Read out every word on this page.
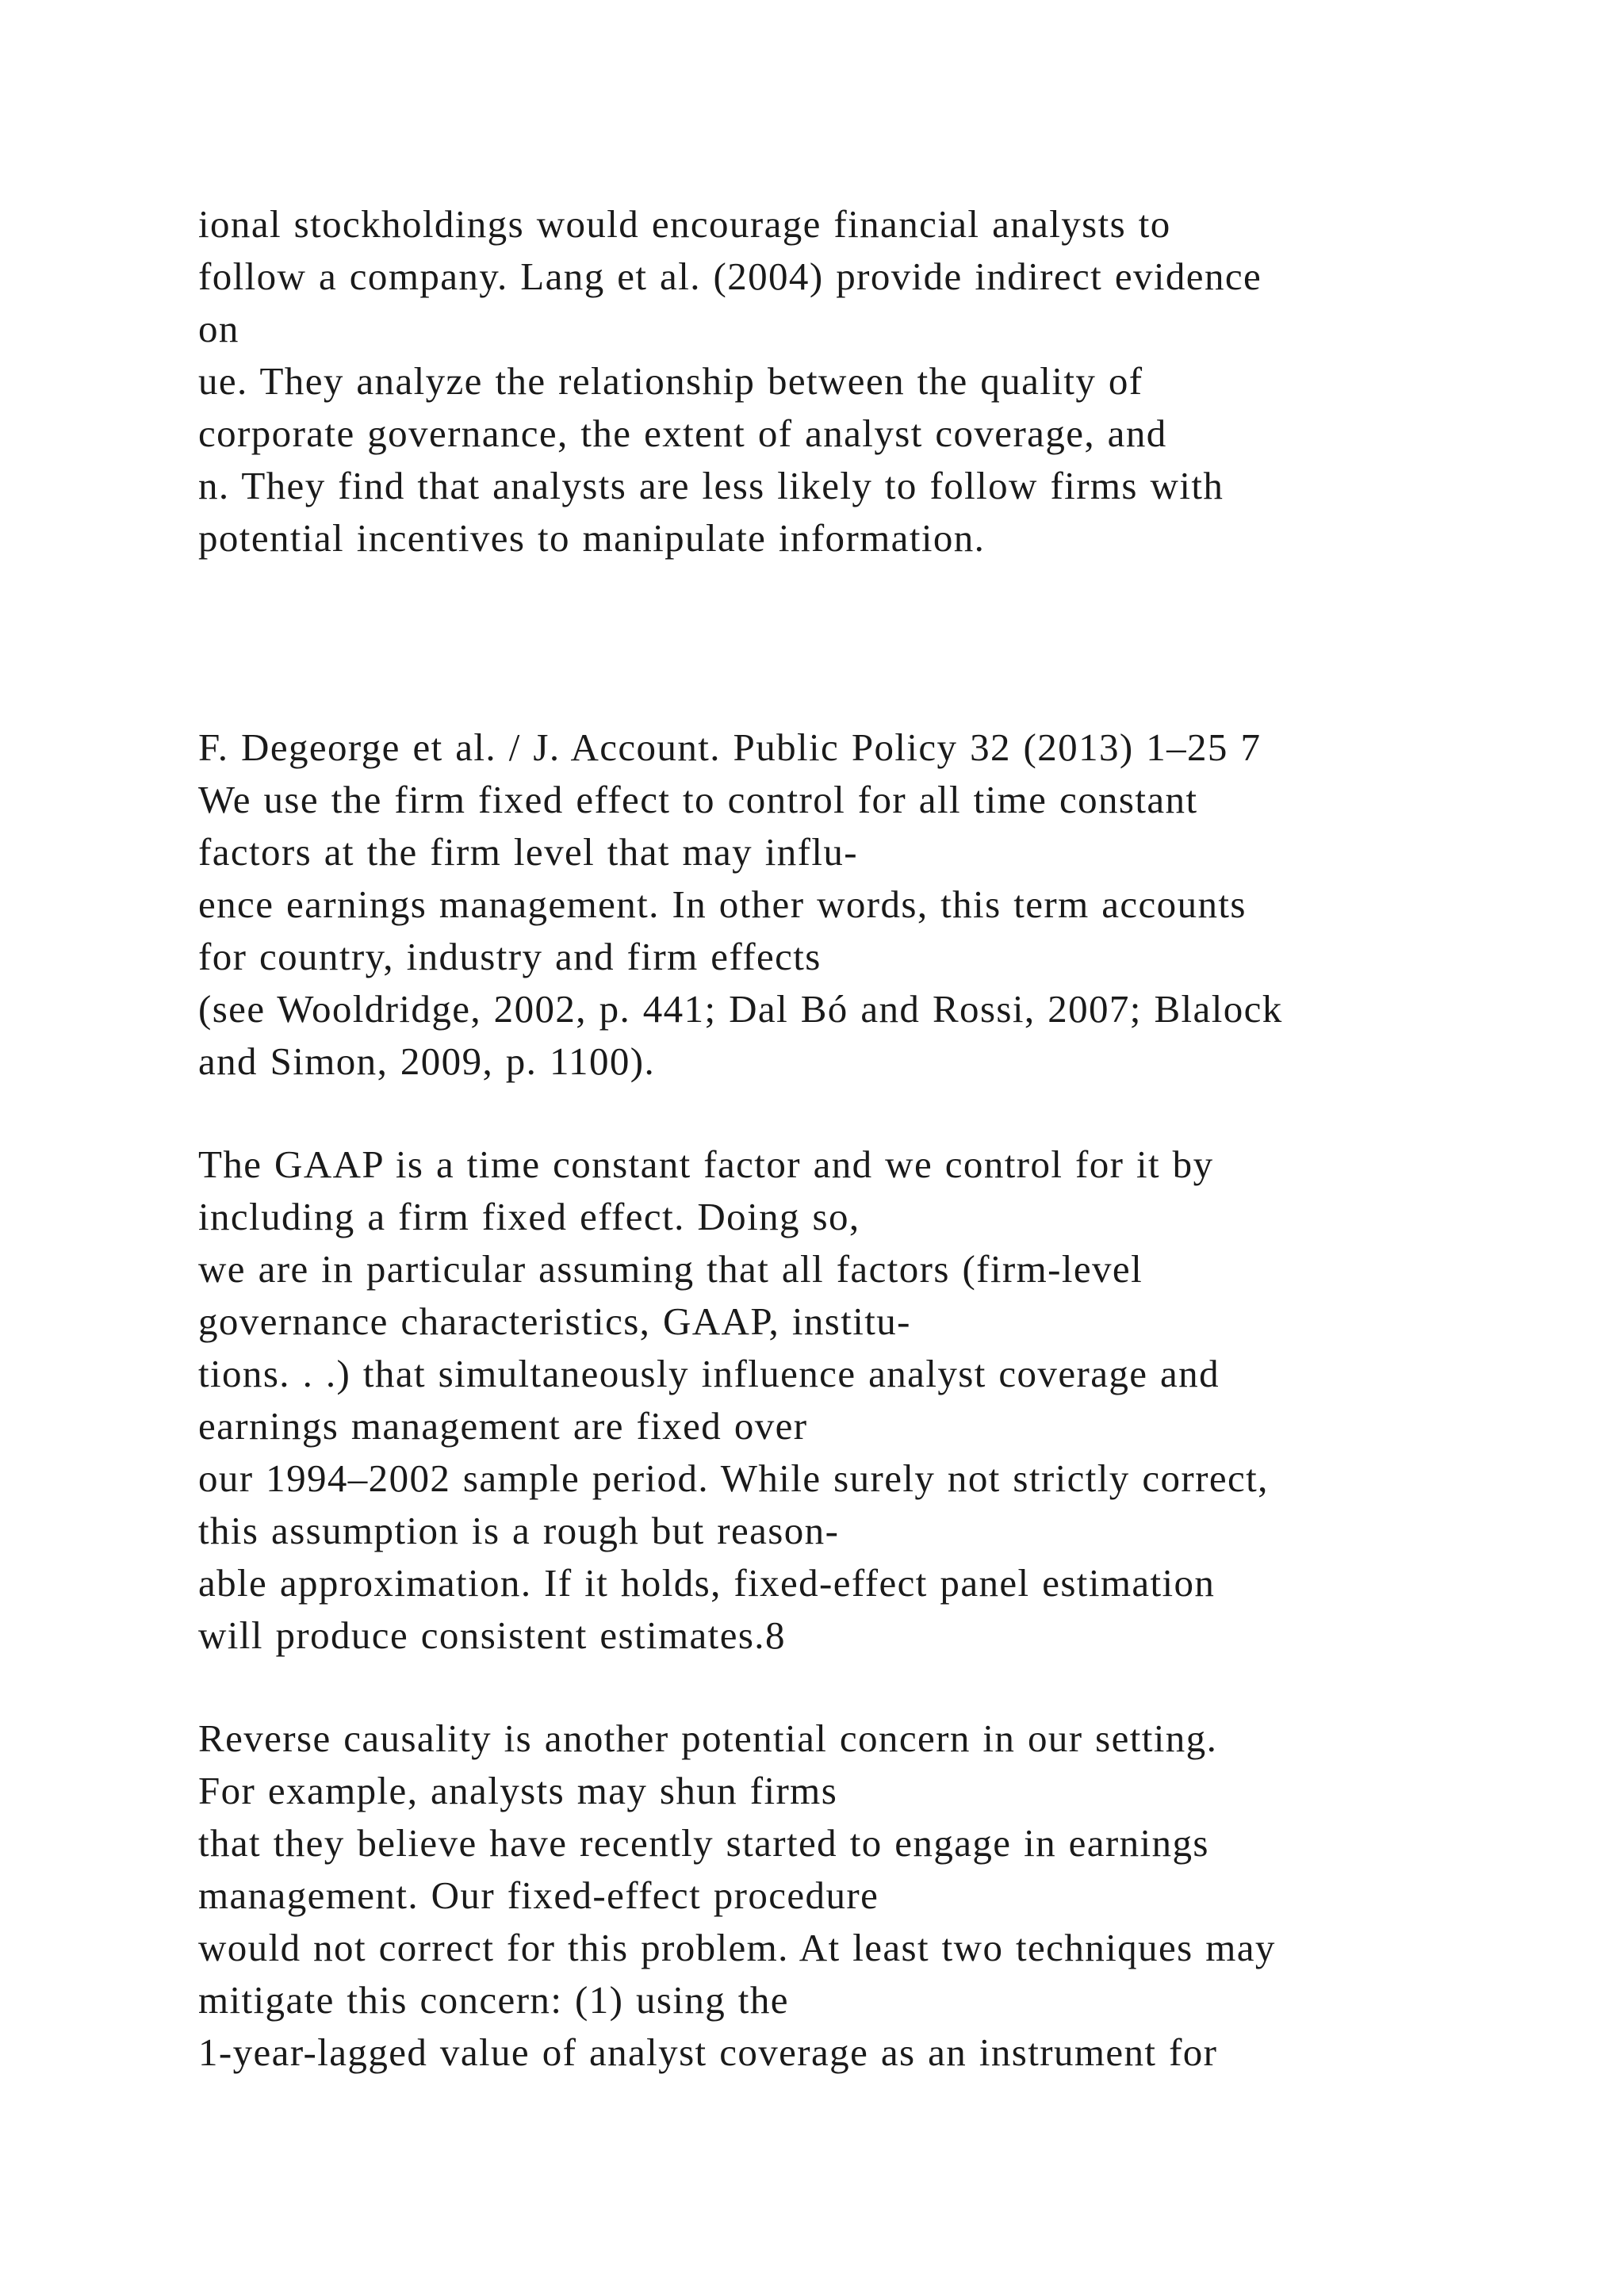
ional stockholdings would encourage financial analysts to
follow a company. Lang et al. (2004) provide indirect evidence
on
ue. They analyze the relationship between the quality of
corporate governance, the extent of analyst coverage, and
n. They find that analysts are less likely to follow firms with
potential incentives to manipulate information.
F. Degeorge et al. / J. Account. Public Policy 32 (2013) 1–25 7
We use the firm fixed effect to control for all time constant
factors at the firm level that may influ-
ence earnings management. In other words, this term accounts
for country, industry and firm effects
(see Wooldridge, 2002, p. 441; Dal Bó and Rossi, 2007; Blalock
and Simon, 2009, p. 1100).
The GAAP is a time constant factor and we control for it by
including a firm fixed effect. Doing so,
we are in particular assuming that all factors (firm-level
governance characteristics, GAAP, institu-
tions. . .) that simultaneously influence analyst coverage and
earnings management are fixed over
our 1994–2002 sample period. While surely not strictly correct,
this assumption is a rough but reason-
able approximation. If it holds, fixed-effect panel estimation
will produce consistent estimates.8
Reverse causality is another potential concern in our setting.
For example, analysts may shun firms
that they believe have recently started to engage in earnings
management. Our fixed-effect procedure
would not correct for this problem. At least two techniques may
mitigate this concern: (1) using the
1-year-lagged value of analyst coverage as an instrument for
